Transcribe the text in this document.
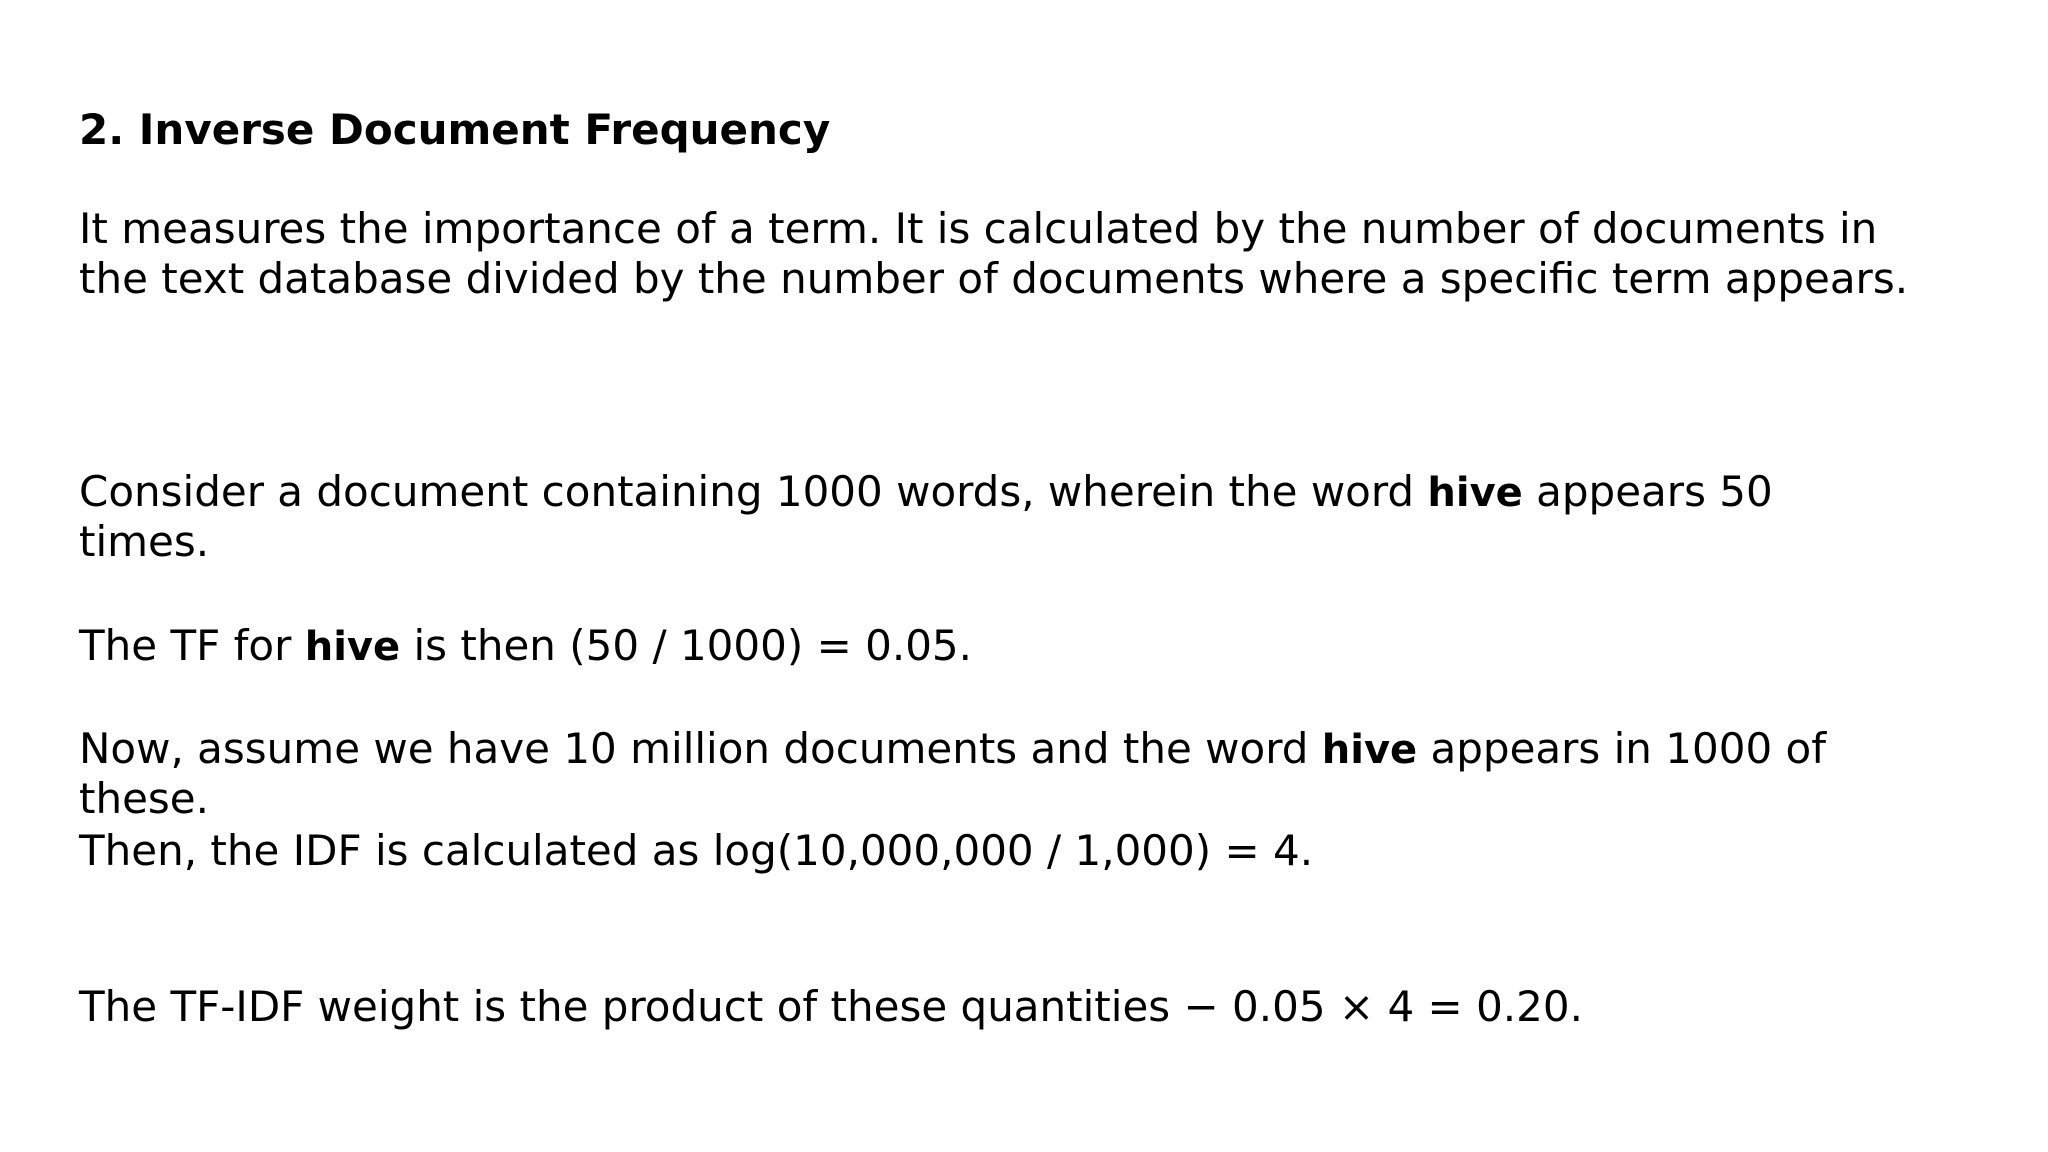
2. Inverse Document Frequency
It measures the importance of a term. It is calculated by the number of documents in
the text database divided by the number of documents where a specific term appears.
Consider a document containing 1000 words, wherein the word hive appears 50
times.
The TF for hive is then (50 / 1000) = 0.05.
Now, assume we have 10 million documents and the word hive appears in 1000 of
these.
Then, the IDF is calculated as log(10,000,000 / 1,000) = 4.
The TF-IDF weight is the product of these quantities − 0.05 × 4 = 0.20.
